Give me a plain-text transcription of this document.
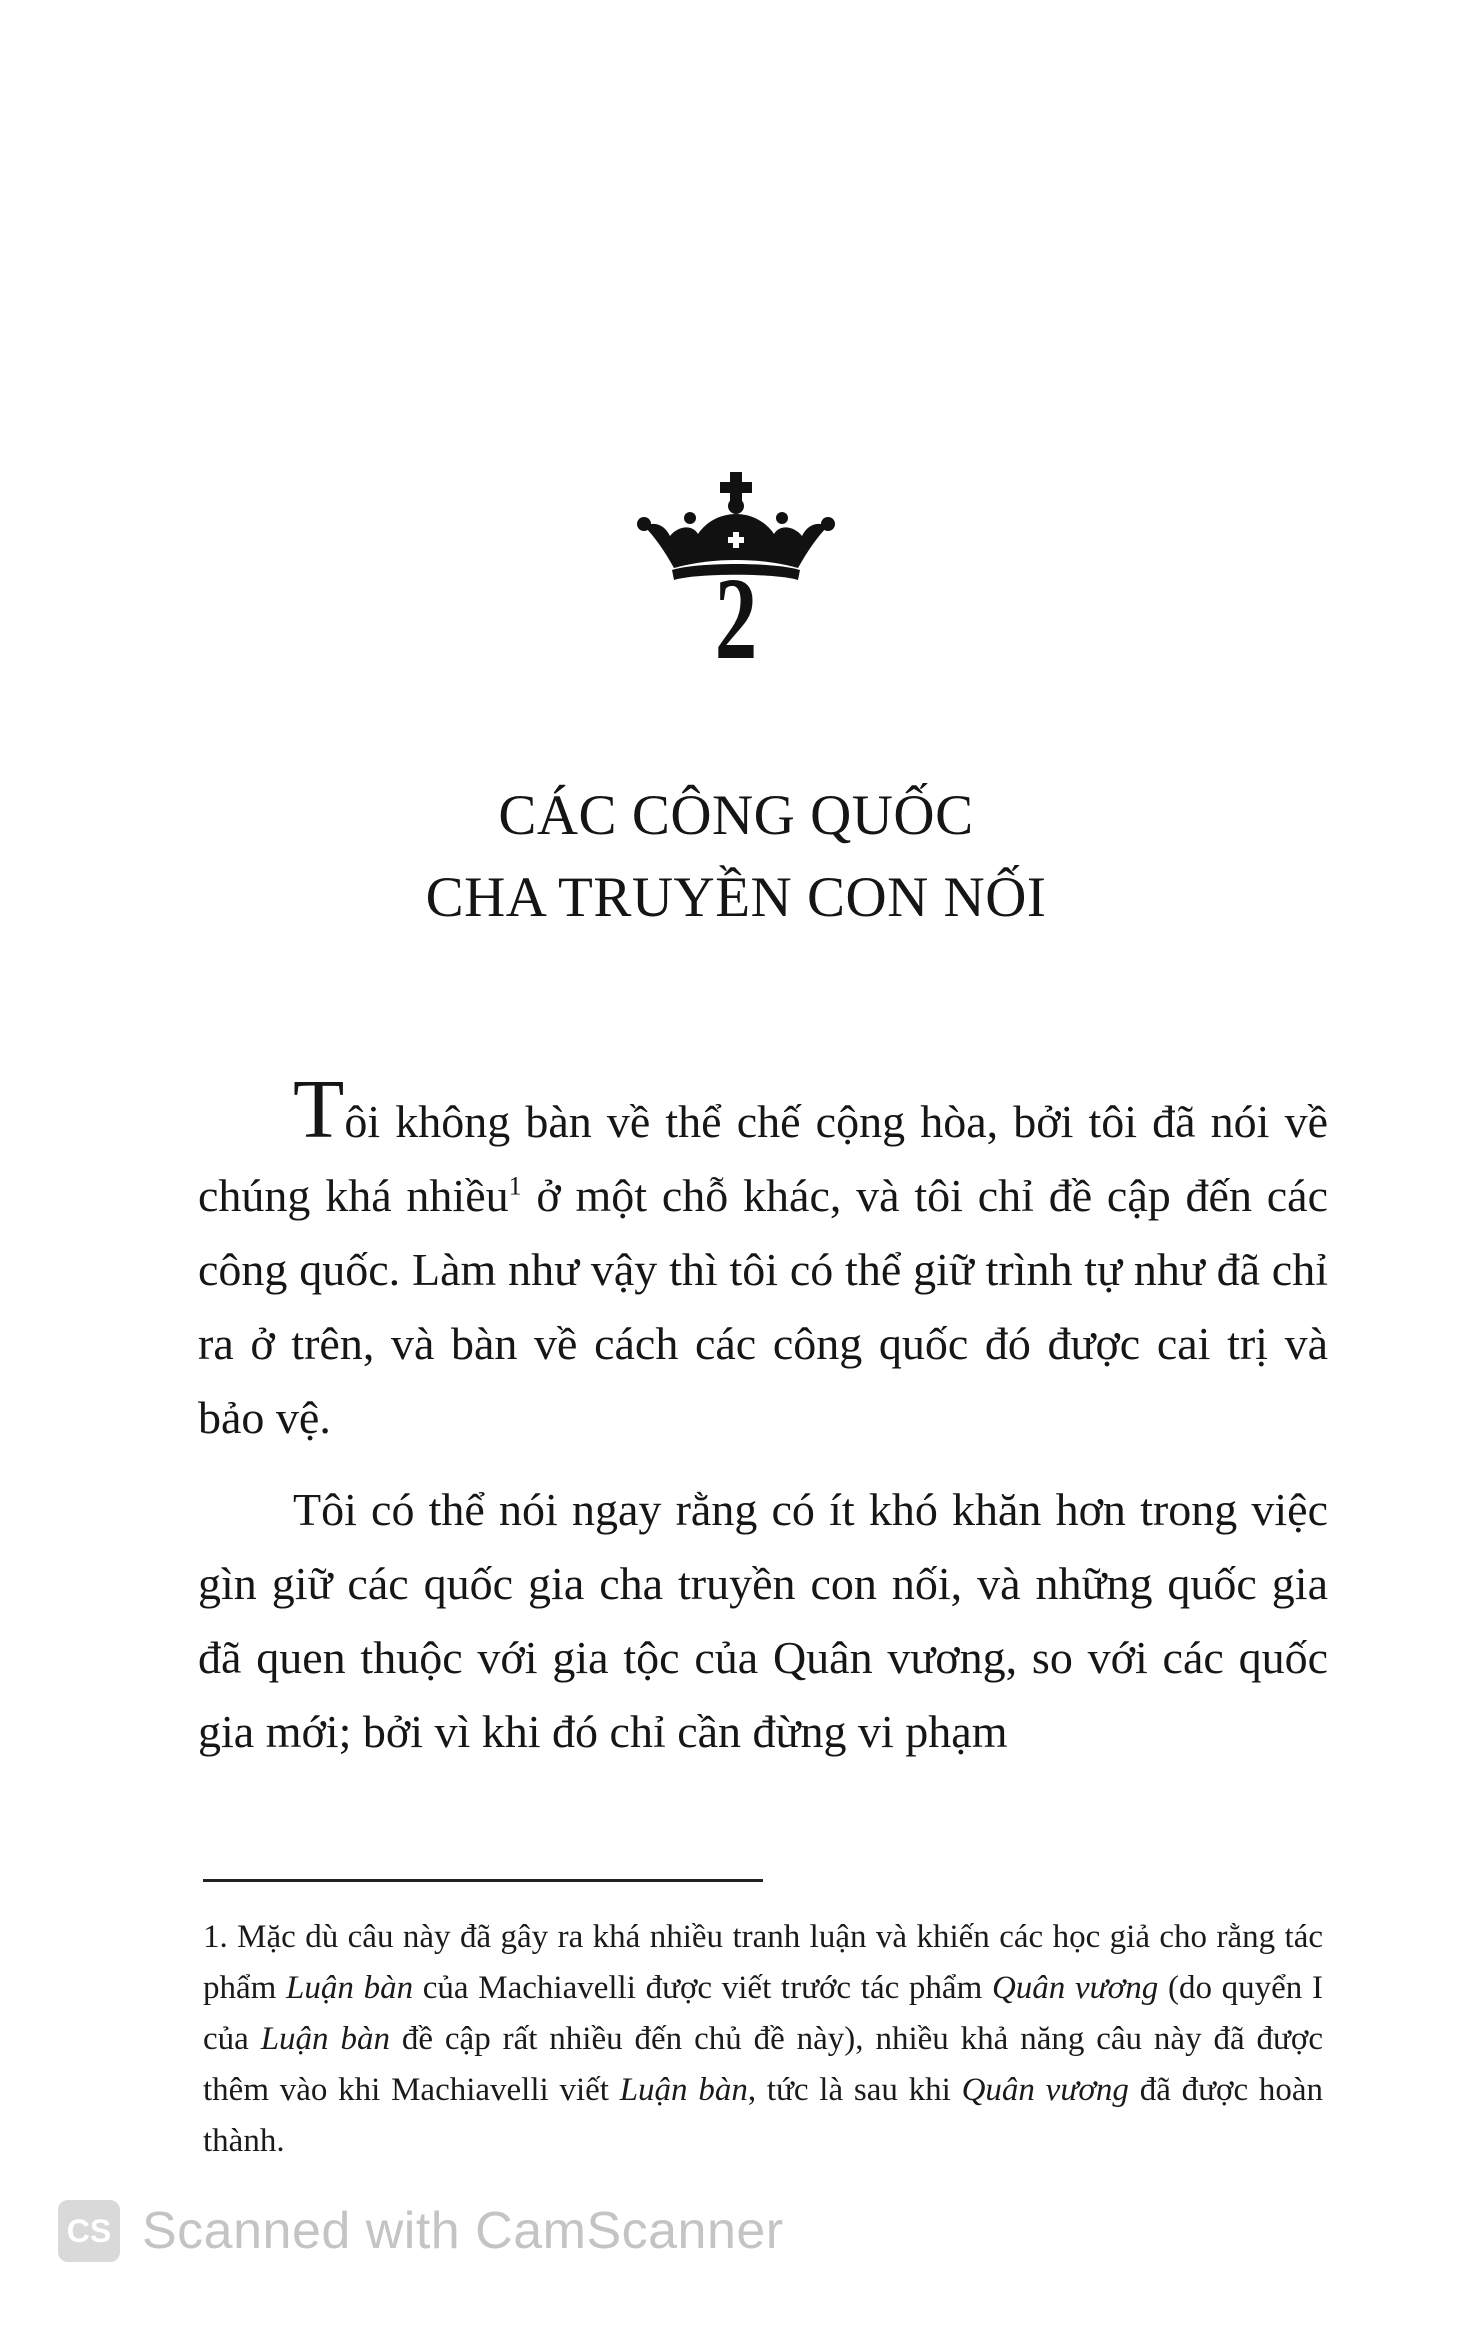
2
CÁC CÔNG QUỐC
CHA TRUYỀN CON NỐI

Tôi không bàn về thể chế cộng hòa, bởi tôi đã nói về chúng khá nhiều$^1$ ở một chỗ khác, và tôi chỉ đề cập đến các công quốc. Làm như vậy thì tôi có thể giữ trình tự như đã chỉ ra ở trên, và bàn về cách các công quốc đó được cai trị và bảo vệ.

Tôi có thể nói ngay rằng có ít khó khăn hơn trong việc gìn giữ các quốc gia cha truyền con nối, và những quốc gia đã quen thuộc với gia tộc của Quân vương, so với các quốc gia mới; bởi vì khi đó chỉ cần đừng vi phạm

1. Mặc dù câu này đã gây ra khá nhiều tranh luận và khiến các học giả cho rằng tác phẩm Luận bàn của Machiavelli được viết trước tác phẩm Quân vương (do quyển I của Luận bàn đề cập rất nhiều đến chủ đề này), nhiều khả năng câu này đã được thêm vào khi Machiavelli viết Luận bàn, tức là sau khi Quân vương đã được hoàn thành.

CS Scanned with CamScanner
